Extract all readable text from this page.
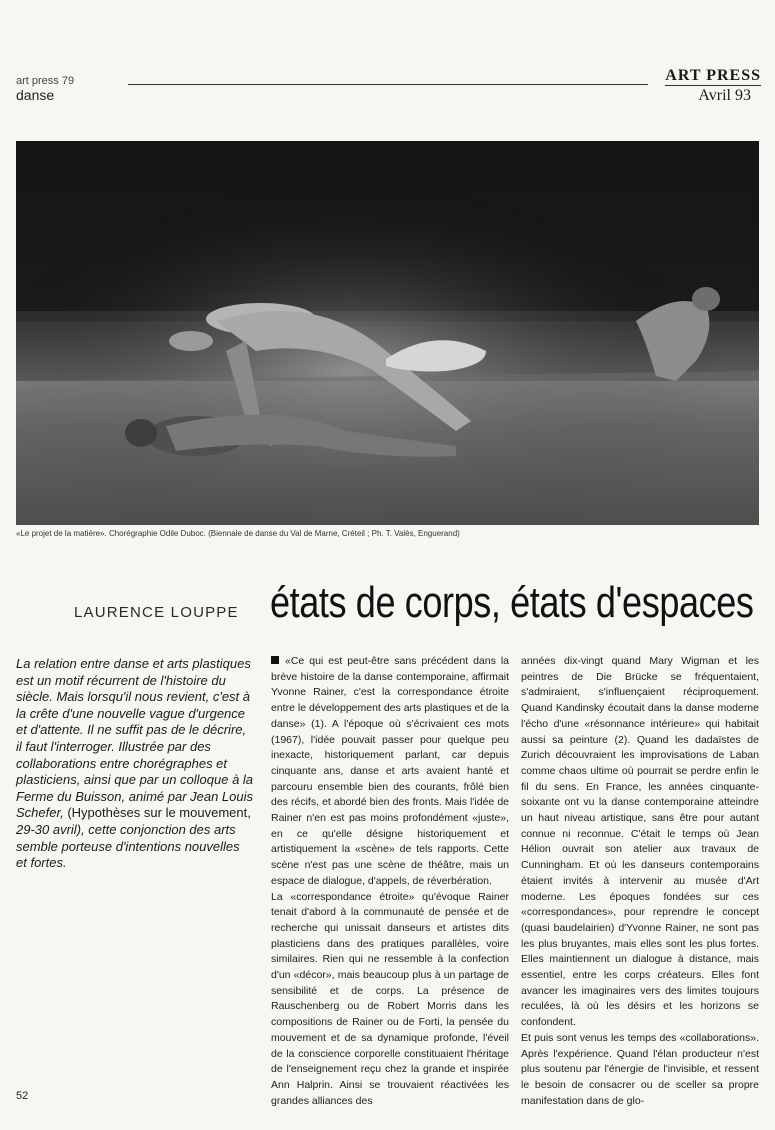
art press 79
danse
ART PRESS
Avril 93
«Le projet de la matière». Chorégraphie Odile Duboc. (Biennale de danse du Val de Marne, Créteil ; Ph. T. Valès, Enguerand)
LAURENCE LOUPPE états de corps, états d'espaces
La relation entre danse et arts plastiques est un motif récurrent de l'histoire du siècle. Mais lorsqu'il nous revient, c'est à la crête d'une nouvelle vague d'urgence et d'attente. Il ne suffit pas de le décrire, il faut l'interroger. Illustrée par des collaborations entre chorégraphes et plasticiens, ainsi que par un colloque à la Ferme du Buisson, animé par Jean Louis Schefer, (Hypothèses sur le mouvement, 29-30 avril), cette conjonction des arts semble porteuse d'intentions nouvelles et fortes.

«Ce qui est peut-être sans précédent dans la brève histoire de la danse contemporaine, affirmait Yvonne Rainer, c'est la correspondance étroite entre le développement des arts plastiques et de la danse» (1). A l'époque où s'écrivaient ces mots (1967), l'idée pouvait passer pour quelque peu inexacte, historiquement parlant, car depuis cinquante ans, danse et arts avaient hanté et parcouru ensemble bien des courants, frôlé bien des récifs, et abordé bien des fronts. Mais l'idée de Rainer n'en est pas moins profondément «juste», en ce qu'elle désigne historiquement et artistiquement la «scène» de tels rapports. Cette scène n'est pas une scène de théâtre, mais un espace de dialogue, d'appels, de réverbération.

La «correspondance étroite» qu'évoque Rainer tenait d'abord à la communauté de pensée et de recherche qui unissait danseurs et artistes dits plasticiens dans des pratiques parallèles, voire similaires. Rien qui ne ressemble à la confection d'un «décor», mais beaucoup plus à un partage de sensibilité et de corps. La présence de Rauschenberg ou de Robert Morris dans les compositions de Rainer ou de Forti, la pensée du mouvement et de sa dynamique profonde, l'éveil de la conscience corporelle constituaient l'héritage de l'enseignement reçu chez la grande et inspirée Ann Halprin. Ainsi se trouvaient réactivées les grandes alliances des

années dix-vingt quand Mary Wigman et les peintres de Die Brücke se fréquentaient, s'admiraient, s'influençaient réciproquement. Quand Kandinsky écoutait dans la danse moderne l'écho d'une «résonnance intérieure» qui habitait aussi sa peinture (2). Quand les dadaïstes de Zurich découvraient les improvisations de Laban comme chaos ultime où pourrait se perdre enfin le fil du sens. En France, les années cinquante-soixante ont vu la danse contemporaine atteindre un haut niveau artistique, sans être pour autant connue ni reconnue. C'était le temps où Jean Hélion ouvrait son atelier aux travaux de Cunningham. Et où les danseurs contemporains étaient invités à intervenir au musée d'Art moderne. Les époques fondées sur ces «correspondances», pour reprendre le concept (quasi baudelairien) d'Yvonne Rainer, ne sont pas les plus bruyantes, mais elles sont les plus fortes. Elles maintiennent un dialogue à distance, mais essentiel, entre les corps créateurs. Elles font avancer les imaginaires vers des limites toujours reculées, là où les désirs et les horizons se confondent.

Et puis sont venus les temps des «collaborations». Après l'expérience. Quand l'élan producteur n'est plus soutenu par l'énergie de l'invisible, et ressent le besoin de consacrer ou de sceller sa propre manifestation dans de glo-

52
